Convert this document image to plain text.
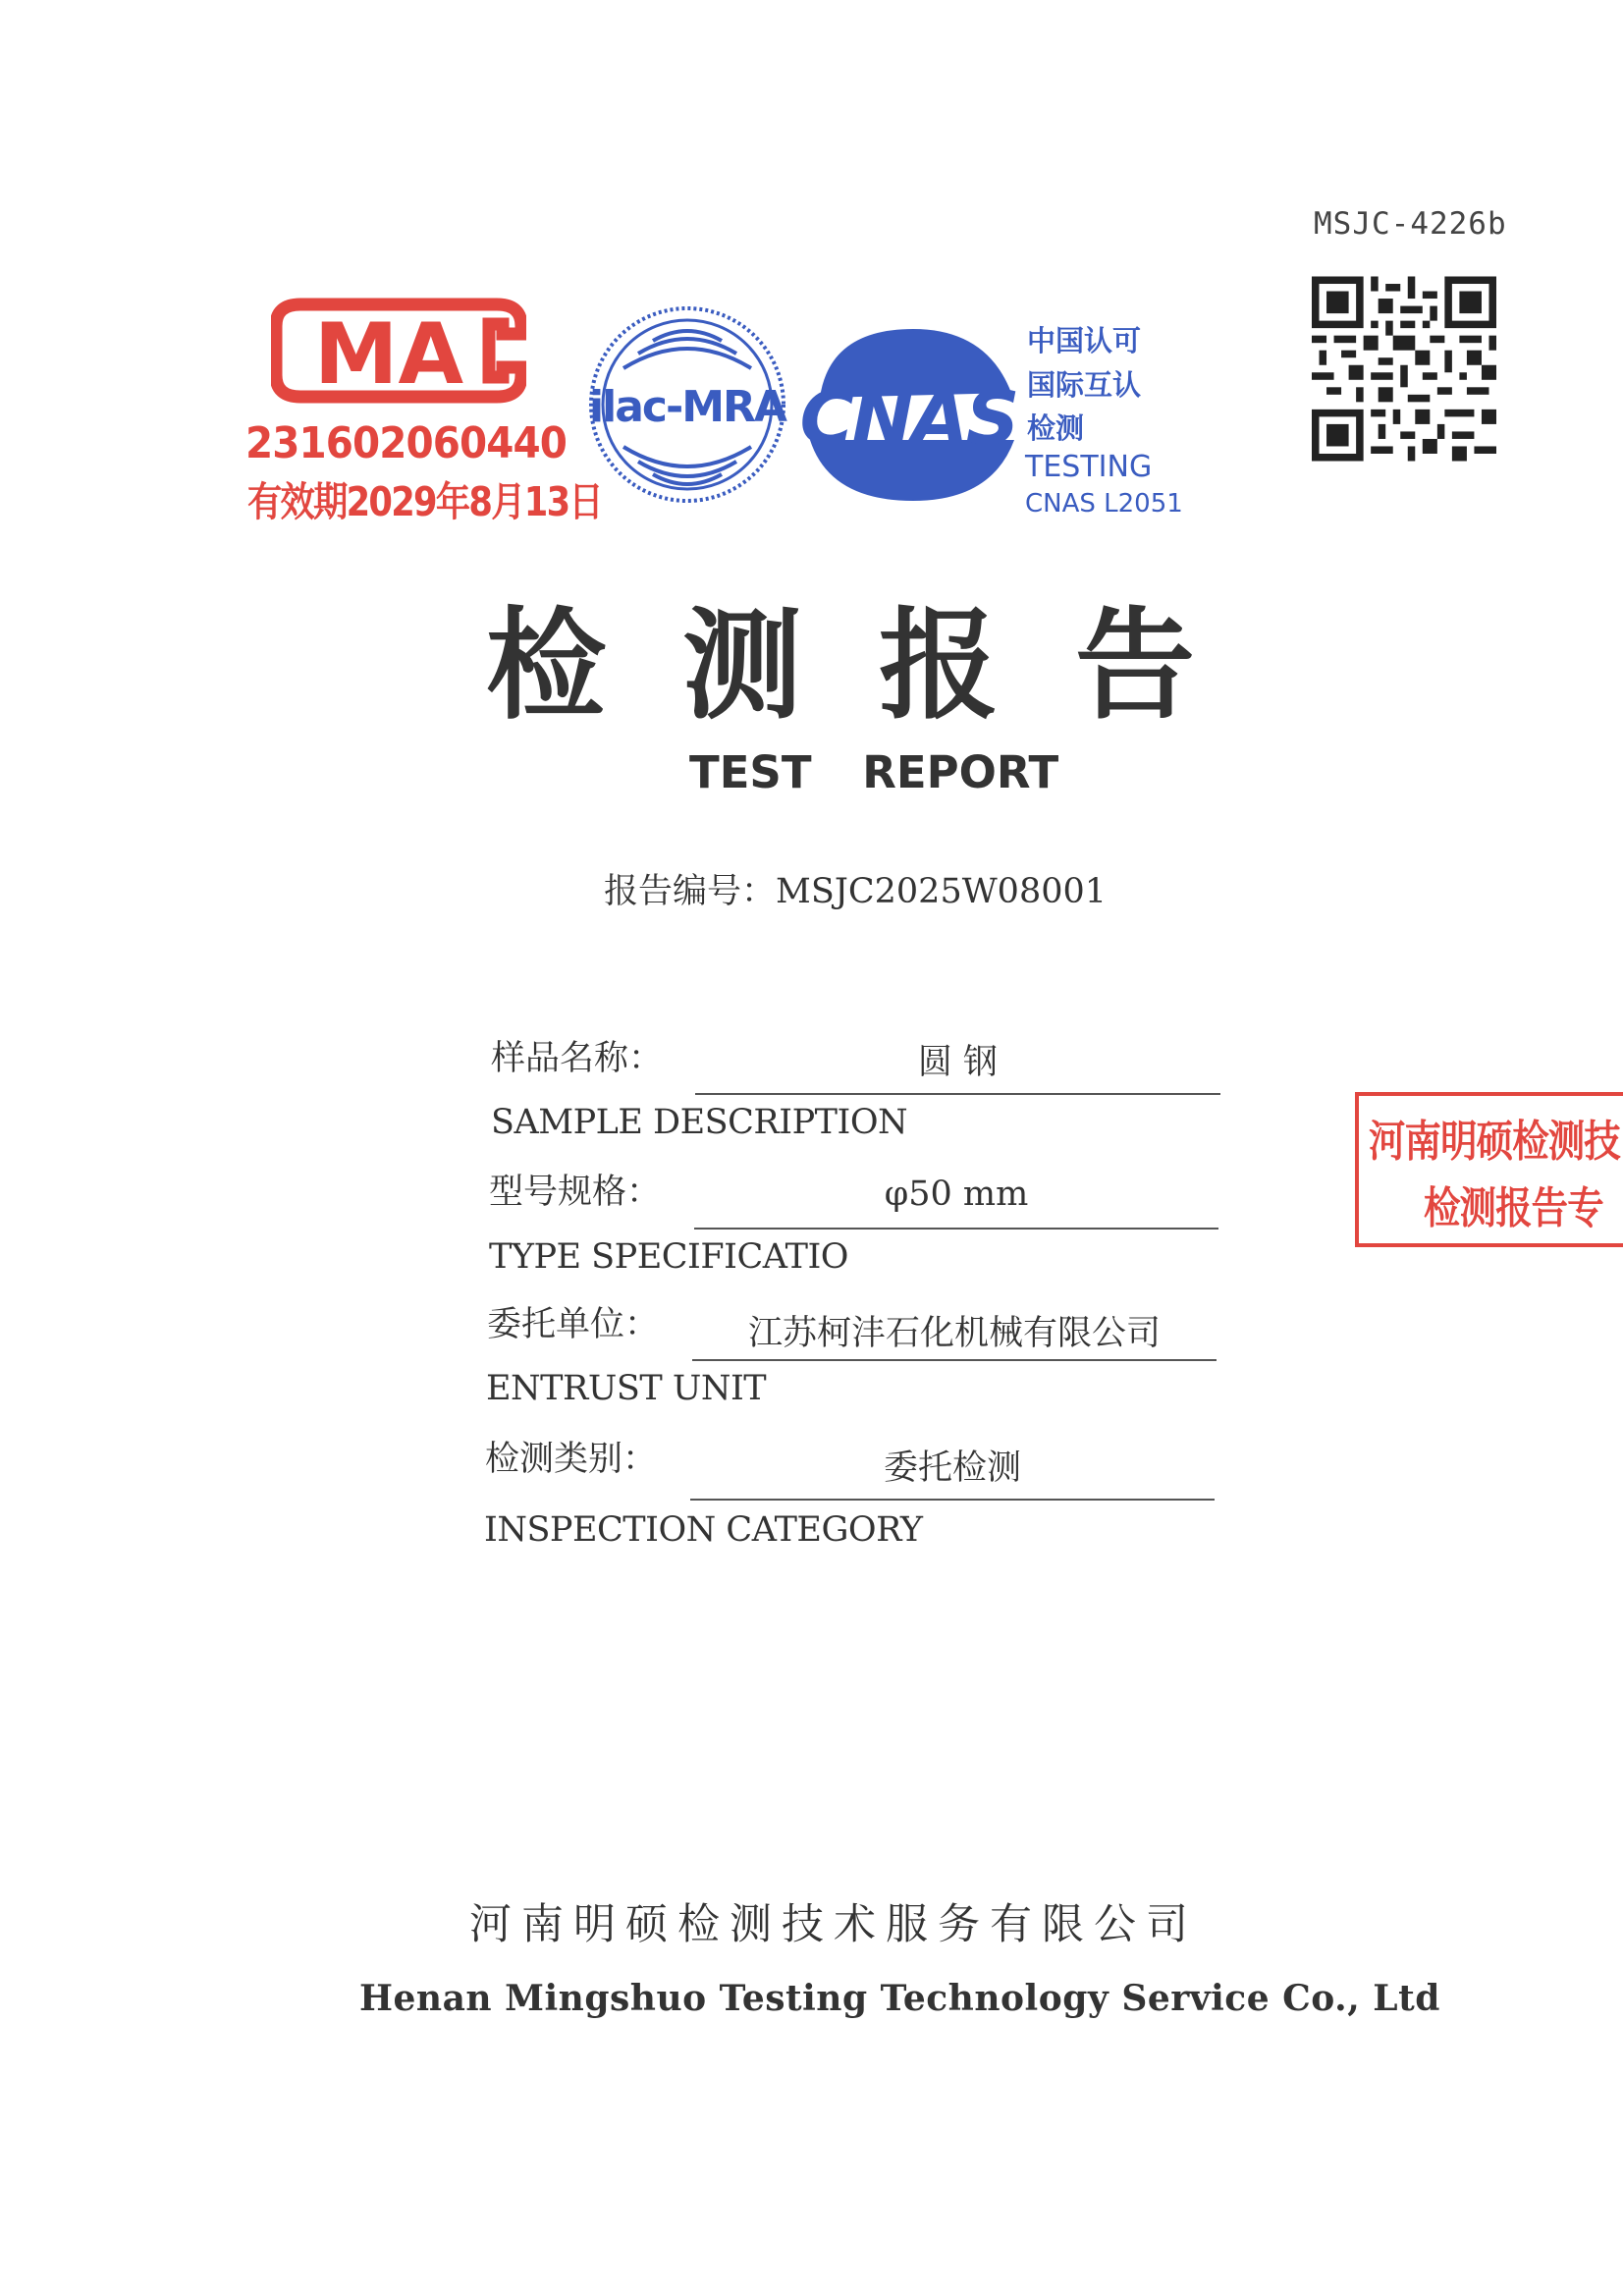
MSJC-4226b
MA
231602060440
有效期2029年8月13日
ilac-MRA CNAS
中国认可
国际互认
检测
TESTING
CNAS L2051
检测报告
TEST REPORT
报告编号：MSJC2025W08001
样品名称：	圆 钢
SAMPLE DESCRIPTION
型号规格：	φ50 mm
TYPE SPECIFICATIO
委托单位：	江苏柯沣石化机械有限公司
ENTRUST UNIT
检测类别：	委托检测
INSPECTION CATEGORY
河南明硕检测技
检测报告专
河南明硕检测技术服务有限公司
Henan Mingshuo Testing Technology Service Co., Ltd
